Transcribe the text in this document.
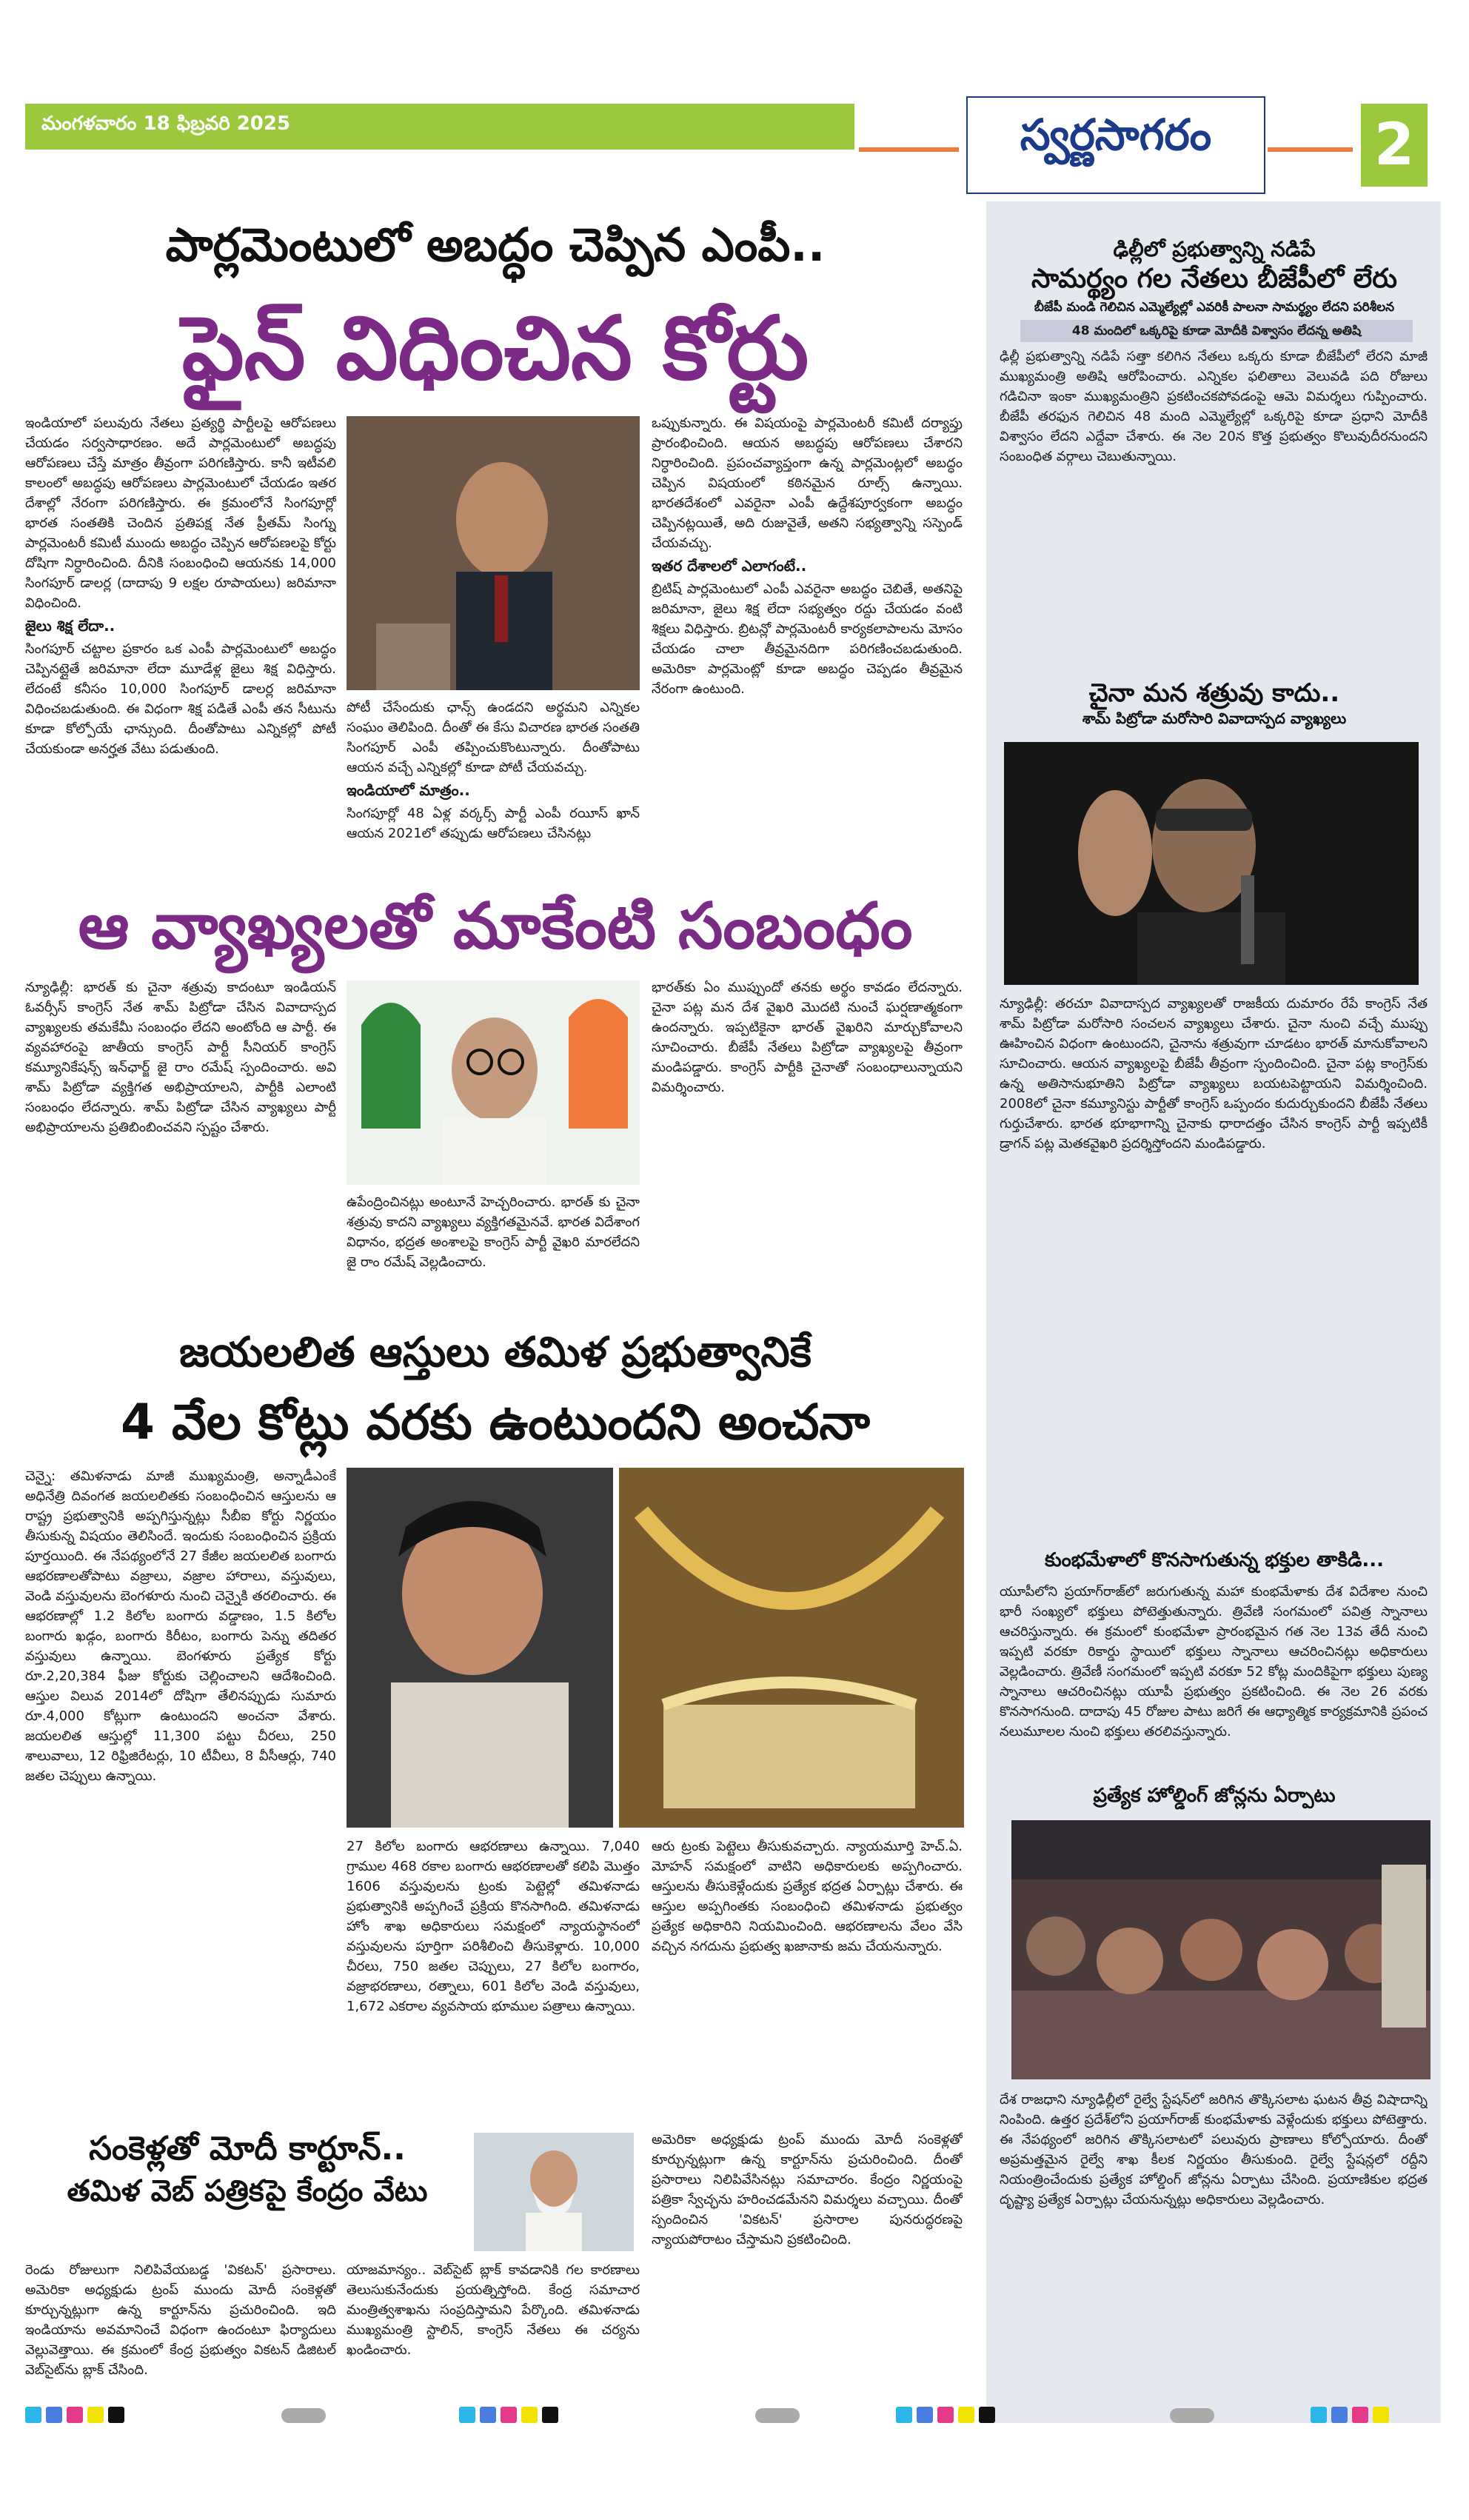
మంగళవారం 18 ఫిబ్రవరి 2025	స్వర్ణసాగరం	2
ఢిల్లీలో ప్రభుత్వాన్ని నడిపే
సామర్థ్యం గల నేతలు బీజేపీలో లేరు
బీజేపీ మండి గెలిచిన ఎమ్మెల్యేల్లో ఎవరికీ పాలనా సామర్థ్యం లేదని పరిశీలన
48 మందిలో ఒక్కరిపై కూడా మోదీకి విశ్వాసం లేదన్న అతిషి
ఢిల్లీ ప్రభుత్వాన్ని నడిపే సత్తా కలిగిన నేతలు ఒక్కరు కూడా బీజేపీలో లేరని మాజీ ముఖ్యమంత్రి అతిషి ఆరోపించారు. ఎన్నికల ఫలితాలు వెలువడి పది రోజులు గడిచినా ఇంకా ముఖ్యమంత్రిని ప్రకటించకపోవడంపై ఆమె విమర్శలు గుప్పించారు. బీజేపీ తరఫున గెలిచిన 48 మంది ఎమ్మెల్యేల్లో ఒక్కరిపై కూడా ప్రధాని మోదీకి విశ్వాసం లేదని ఎద్దేవా చేశారు. ఈ నెల 20న కొత్త ప్రభుత్వం కొలువుదీరనుందని సంబంధిత వర్గాలు చెబుతున్నాయి.
చైనా మన శత్రువు కాదు..
శామ్ పిట్రోడా మరోసారి వివాదాస్పద వ్యాఖ్యలు
న్యూఢిల్లీ: తరచూ వివాదాస్పద వ్యాఖ్యలతో రాజకీయ దుమారం రేపే కాంగ్రెస్ నేత శామ్ పిట్రోడా మరోసారి సంచలన వ్యాఖ్యలు చేశారు. చైనా నుంచి వచ్చే ముప్పు ఊహించిన విధంగా ఉంటుందని, చైనాను శత్రువుగా చూడటం భారత్ మానుకోవాలని సూచించారు. ఆయన వ్యాఖ్యలపై బీజేపీ తీవ్రంగా స్పందించింది. చైనా పట్ల కాంగ్రెస్‌కు ఉన్న అతిసానుభూతిని పిట్రోడా వ్యాఖ్యలు బయటపెట్టాయని విమర్శించింది. 2008లో చైనా కమ్యూనిస్టు పార్టీతో కాంగ్రెస్ ఒప్పందం కుదుర్చుకుందని బీజేపీ నేతలు గుర్తుచేశారు. భారత భూభాగాన్ని చైనాకు ధారాదత్తం చేసిన కాంగ్రెస్ పార్టీ ఇప్పటికీ డ్రాగన్ పట్ల మెతకవైఖరి ప్రదర్శిస్తోందని మండిపడ్డారు.
కుంభమేళాలో కొనసాగుతున్న భక్తుల తాకిడి...
యూపీలోని ప్రయాగ్‌రాజ్‌లో జరుగుతున్న మహా కుంభమేళాకు దేశ విదేశాల నుంచి భారీ సంఖ్యలో భక్తులు పోటెత్తుతున్నారు. త్రివేణి సంగమంలో పవిత్ర స్నానాలు ఆచరిస్తున్నారు. ఈ క్రమంలో కుంభమేళా ప్రారంభమైన గత నెల 13వ తేదీ నుంచి ఇప్పటి వరకూ రికార్డు స్థాయిలో భక్తులు స్నానాలు ఆచరించినట్లు అధికారులు వెల్లడించారు. త్రివేణీ సంగమంలో ఇప్పటి వరకూ 52 కోట్ల మందికిపైగా భక్తులు పుణ్య స్నానాలు ఆచరించినట్లు యూపీ ప్రభుత్వం ప్రకటించింది. ఈ నెల 26 వరకు కొనసాగనుంది. దాదాపు 45 రోజుల పాటు జరిగే ఈ ఆధ్యాత్మిక కార్యక్రమానికి ప్రపంచ నలుమూలల నుంచి భక్తులు తరలివస్తున్నారు.
ప్రత్యేక హోల్డింగ్ జోన్లను ఏర్పాటు
దేశ రాజధాని న్యూఢిల్లీలో రైల్వే స్టేషన్‌లో జరిగిన తొక్కిసలాట ఘటన తీవ్ర విషాదాన్ని నింపింది. ఉత్తర ప్రదేశ్‌లోని ప్రయాగ్‌రాజ్ కుంభమేళాకు వెళ్లేందుకు భక్తులు పోటెత్తారు. ఈ నేపథ్యంలో జరిగిన తొక్కిసలాటలో పలువురు ప్రాణాలు కోల్పోయారు. దీంతో అప్రమత్తమైన రైల్వే శాఖ కీలక నిర్ణయం తీసుకుంది. రైల్వే స్టేషన్లలో రద్దీని నియంత్రించేందుకు ప్రత్యేక హోల్డింగ్ జోన్లను ఏర్పాటు చేసింది. ప్రయాణికుల భద్రత దృష్ట్యా ప్రత్యేక ఏర్పాట్లు చేయనున్నట్లు అధికారులు వెల్లడించారు.
పార్లమెంటులో అబద్ధం చెప్పిన ఎంపీ..
ఫైన్ విధించిన కోర్టు

ఇండియాలో పలువురు నేతలు ప్రత్యర్థి పార్టీలపై ఆరోపణలు చేయడం సర్వసాధారణం. అదే పార్లమెంటులో అబద్ధపు ఆరోపణలు చేస్తే మాత్రం తీవ్రంగా పరిగణిస్తారు. కానీ ఇటీవలి కాలంలో అబద్ధపు ఆరోపణలు పార్లమెంటులో చేయడం ఇతర దేశాల్లో నేరంగా పరిగణిస్తారు. ఈ క్రమంలోనే సింగపూర్లో భారత సంతతికి చెందిన ప్రతిపక్ష నేత ప్రీతమ్ సింగ్ను పార్లమెంటరీ కమిటీ ముందు అబద్ధం చెప్పిన ఆరోపణలపై కోర్టు దోషిగా నిర్ధారించింది. దీనికి సంబంధించి ఆయనకు 14,000 సింగపూర్ డాలర్ల (దాదాపు 9 లక్షల రూపాయలు) జరిమానా విధించింది.

జైలు శిక్ష లేదా..

సింగపూర్ చట్టాల ప్రకారం ఒక ఎంపీ పార్లమెంటులో అబద్ధం చెప్పినట్లైతే జరిమానా లేదా మూడేళ్ల జైలు శిక్ష విధిస్తారు. లేదంటే కనీసం 10,000 సింగపూర్ డాలర్ల జరిమానా విధించబడుతుంది. ఈ విధంగా శిక్ష పడితే ఎంపీ తన సీటును కూడా కోల్పోయే ఛాన్సుంది. దీంతోపాటు ఎన్నికల్లో పోటీ చేయకుండా అనర్హత వేటు పడుతుంది.

పోటీ చేసేందుకు ఛాన్స్ ఉండదని అర్థమని ఎన్నికల సంఘం తెలిపింది. దీంతో ఈ కేసు విచారణ భారత సంతతి సింగపూర్ ఎంపీ తప్పించుకొంటున్నారు. దీంతోపాటు ఆయన వచ్చే ఎన్నికల్లో కూడా పోటీ చేయవచ్చు.

ఇండియాలో మాత్రం..

సింగపూర్లో 48 ఏళ్ల వర్కర్స్ పార్టీ ఎంపీ రయీస్ ఖాన్ ఆయన 2021లో తప్పుడు ఆరోపణలు చేసినట్లు

ఒప్పుకున్నారు. ఈ విషయంపై పార్లమెంటరీ కమిటీ దర్యాప్తు ప్రారంభించింది. ఆయన అబద్ధపు ఆరోపణలు చేశారని నిర్ధారించింది. ప్రపంచవ్యాప్తంగా ఉన్న పార్లమెంట్లలో అబద్ధం చెప్పిన విషయంలో కఠినమైన రూల్స్ ఉన్నాయి. భారతదేశంలో ఎవరైనా ఎంపీ ఉద్దేశపూర్వకంగా అబద్ధం చెప్పినట్లయితే, అది రుజువైతే, అతని సభ్యత్వాన్ని సస్పెండ్ చేయవచ్చు.

ఇతర దేశాలలో ఎలాగంటే..

బ్రిటిష్ పార్లమెంటులో ఎంపీ ఎవరైనా అబద్ధం చెబితే, అతనిపై జరిమానా, జైలు శిక్ష లేదా సభ్యత్వం రద్దు చేయడం వంటి శిక్షలు విధిస్తారు. బ్రిటన్లో పార్లమెంటరీ కార్యకలాపాలను మోసం చేయడం చాలా తీవ్రమైనదిగా పరిగణించబడుతుంది. అమెరికా పార్లమెంట్లో కూడా అబద్ధం చెప్పడం తీవ్రమైన నేరంగా ఉంటుంది.

ఆ వ్యాఖ్యలతో మాకేంటి సంబంధం
న్యూఢిల్లీ: భారత్ కు చైనా శత్రువు కాదంటూ ఇండియన్ ఓవర్సీస్ కాంగ్రెస్ నేత శామ్ పిట్రోడా చేసిన వివాదాస్పద వ్యాఖ్యలకు తమకేమీ సంబంధం లేదని అంటోంది ఆ పార్టీ. ఈ వ్యవహారంపై జాతీయ కాంగ్రెస్ పార్టీ సీనియర్ కాంగ్రెస్ కమ్యూనికేషన్స్ ఇన్‌ఛార్జ్ జై రాం రమేష్ స్పందించారు. అవి శామ్ పిట్రోడా వ్యక్తిగత అభిప్రాయాలని, పార్టీకి ఎలాంటి సంబంధం లేదన్నారు. శామ్ పిట్రోడా చేసిన వ్యాఖ్యలు పార్టీ అభిప్రాయాలను ప్రతిబింబించవని స్పష్టం చేశారు.
ఉపేంద్రించినట్లు అంటూనే హెచ్చరించారు. భారత్ కు చైనా శత్రువు కాదని వ్యాఖ్యలు వ్యక్తిగతమైనవే. భారత విదేశాంగ విధానం, భద్రత అంశాలపై కాంగ్రెస్ పార్టీ వైఖరి మారలేదని జై రాం రమేష్ వెల్లడించారు.
భారత్‌కు ఏం ముప్పుందో తనకు అర్థం కావడం లేదన్నారు. చైనా పట్ల మన దేశ వైఖరి మొదటి నుంచే ఘర్షణాత్మకంగా ఉందన్నారు. ఇప్పటికైనా భారత్ వైఖరిని మార్చుకోవాలని సూచించారు. బీజేపీ నేతలు పిట్రోడా వ్యాఖ్యలపై తీవ్రంగా మండిపడ్డారు. కాంగ్రెస్ పార్టీకి చైనాతో సంబంధాలున్నాయని విమర్శించారు.
జయలలిత ఆస్తులు తమిళ ప్రభుత్వానికే
4 వేల కోట్లు వరకు ఉంటుందని అంచనా
చెన్నై: తమిళనాడు మాజీ ముఖ్యమంత్రి, అన్నాడీఎంకే అధినేత్రి దివంగత జయలలితకు సంబంధించిన ఆస్తులను ఆ రాష్ట్ర ప్రభుత్వానికి అప్పగిస్తున్నట్లు సీబీఐ కోర్టు నిర్ణయం తీసుకున్న విషయం తెలిసిందే. ఇందుకు సంబంధించిన ప్రక్రియ పూర్తయింది. ఈ నేపథ్యంలోనే 27 కేజీల జయలలిత బంగారు ఆభరణాలతోపాటు వజ్రాలు, వజ్రాల హారాలు, వస్తువులు, వెండి వస్తువులను బెంగళూరు నుంచి చెన్నైకి తరలించారు. ఈ ఆభరణాల్లో 1.2 కిలోల బంగారు వడ్డాణం, 1.5 కిలోల బంగారు ఖడ్గం, బంగారు కిరీటం, బంగారు పెన్ను తదితర వస్తువులు ఉన్నాయి. బెంగళూరు ప్రత్యేక కోర్టు రూ.2,20,384 ఫీజు కోర్టుకు చెల్లించాలని ఆదేశించింది. ఆస్తుల విలువ 2014లో దోషిగా తేలినప్పుడు సుమారు రూ.4,000 కోట్లుగా ఉంటుందని అంచనా వేశారు. జయలలిత ఆస్తుల్లో 11,300 పట్టు చీరలు, 250 శాలువాలు, 12 రిఫ్రిజిరేటర్లు, 10 టీవీలు, 8 వీసీఆర్లు, 740 జతల చెప్పులు ఉన్నాయి.
27 కిలోల బంగారు ఆభరణాలు ఉన్నాయి. 7,040 గ్రాముల 468 రకాల బంగారు ఆభరణాలతో కలిపి మొత్తం 1606 వస్తువులను ట్రంకు పెట్టెల్లో తమిళనాడు ప్రభుత్వానికి అప్పగించే ప్రక్రియ కొనసాగింది. తమిళనాడు హోం శాఖ అధికారులు సమక్షంలో న్యాయస్థానంలో వస్తువులను పూర్తిగా పరిశీలించి తీసుకెళ్లారు. 10,000 చీరలు, 750 జతల చెప్పులు, 27 కిలోల బంగారం, వజ్రాభరణాలు, రత్నాలు, 601 కిలోల వెండి వస్తువులు, 1,672 ఎకరాల వ్యవసాయ భూముల పత్రాలు ఉన్నాయి.
ఆరు ట్రంకు పెట్టెలు తీసుకువచ్చారు. న్యాయమూర్తి హెచ్.ఏ. మోహన్ సమక్షంలో వాటిని అధికారులకు అప్పగించారు. ఆస్తులను తీసుకెళ్లేందుకు ప్రత్యేక భద్రత ఏర్పాట్లు చేశారు. ఈ ఆస్తుల అప్పగింతకు సంబంధించి తమిళనాడు ప్రభుత్వం ప్రత్యేక అధికారిని నియమించింది. ఆభరణాలను వేలం వేసి వచ్చిన నగదును ప్రభుత్వ ఖజానాకు జమ చేయనున్నారు.
సంకెళ్లతో మోదీ కార్టూన్..
తమిళ వెబ్ పత్రికపై కేంద్రం వేటు
రెండు రోజులుగా నిలిపివేయబడ్డ 'వికటన్' ప్రసారాలు. అమెరికా అధ్యక్షుడు ట్రంప్ ముందు మోదీ సంకెళ్లతో కూర్చున్నట్లుగా ఉన్న కార్టూన్‌ను ప్రచురించింది. ఇది ఇండియాను అవమానించే విధంగా ఉందంటూ ఫిర్యాదులు వెల్లువెత్తాయి. ఈ క్రమంలో కేంద్ర ప్రభుత్వం వికటన్ డిజిటల్ వెబ్‌సైట్‌ను బ్లాక్ చేసింది.
యాజమాన్యం.. వెబ్‌సైట్ బ్లాక్ కావడానికి గల కారణాలు తెలుసుకునేందుకు ప్రయత్నిస్తోంది. కేంద్ర సమాచార మంత్రిత్వశాఖను సంప్రదిస్తామని పేర్కొంది. తమిళనాడు ముఖ్యమంత్రి స్టాలిన్, కాంగ్రెస్ నేతలు ఈ చర్యను ఖండించారు.
అమెరికా అధ్యక్షుడు ట్రంప్ ముందు మోదీ సంకెళ్లతో కూర్చున్నట్లుగా ఉన్న కార్టూన్‌ను ప్రచురించింది. దీంతో ప్రసారాలు నిలిపివేసినట్లు సమాచారం. కేంద్రం నిర్ణయంపై పత్రికా స్వేచ్ఛను హరించడమేనని విమర్శలు వచ్చాయి. దీంతో స్పందించిన 'వికటన్' ప్రసారాల పునరుద్ధరణపై న్యాయపోరాటం చేస్తామని ప్రకటించింది.
